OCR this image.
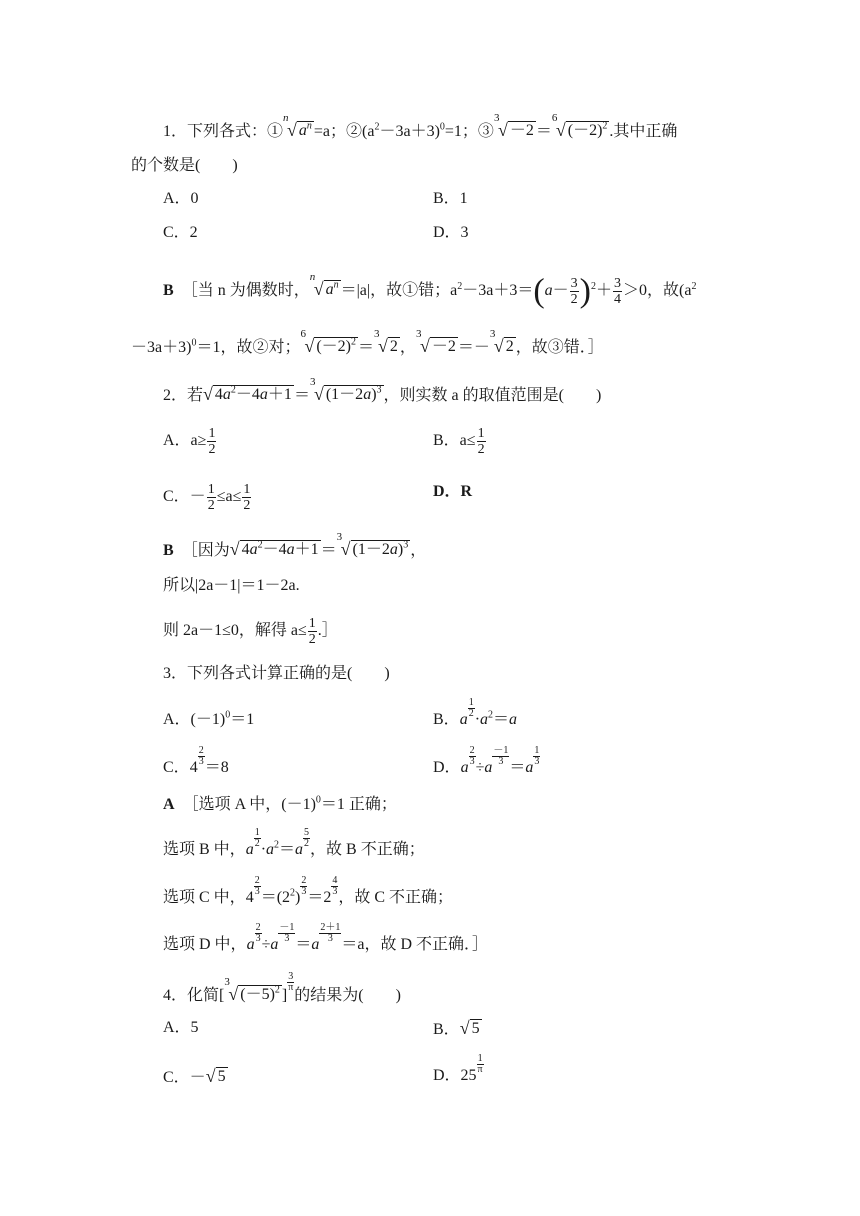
1．下列各式：①
n
√ $a^n =a$；$②(a^2-3a+3)^0=1$；③
3
√ －2 ＝
6
√ $(-2)^2$ .其中正确
的个数是(　　)
A．0	B．1
C．2	D．3
B　 ［当 n 为偶数时，
n
√ $a^n =|a|$，故①错；$a^2-3a+3=(a- \frac{3}{2} )^2+ \frac{3}{4} >0$，故($a^2$
－3a＋3)$^0$＝1，故②对；
6
√ $(-2)^2$ ＝
3
√ 2 ，
3
√ －2 ＝－
3
√ 2 ，故③错．］
2．若 √ $4a^2-4a+1$ ＝
3
√ $(1-2a)^3$ ，则实数 a 的取值范围是(　　)
A．$a\ge \frac{1}{2}$	B．$a\le \frac{1}{2}$
C．－ $\frac{1}{2} \le a\le \frac{1}{2}$	D．R
B　 ［因为 √ $4a^2-4a+1$ ＝
3
√ $(1-2a)^3$ ，
所以|2a－1|＝1－2a.
则 2a－1≤0，解得 $a\le \frac{1}{2}$ .］
3．下列各式计算正确的是(　　)
A．$(-1)^0=1$	B．a
$\frac{1}{2}$
$\cdot a^2=a$
C．4
$\frac{2}{3}$
＝8	D．a
$\frac{2}{3}$
÷a
$\frac{-1}{3}$
＝a
$\frac{1}{3}$
A　 ［选项 A 中，$(-1)^0=1$ 正确；
选项 B 中，a
$\frac{1}{2}$
$\cdot a^2=a$
$\frac{5}{2}$
，故 B 不正确；
选项 C 中，4
$\frac{2}{3}$
$=(2^2)$
$\frac{2}{3}$
＝2
$\frac{4}{3}$
，故 C 不正确；
选项 D 中，a
$\frac{2}{3}$
÷a
$\frac{-1}{3}$
＝a
$\frac{2+1}{3}$
＝a，故 D 不正确．］
4．化简[
3
√ $(-5)^2$ ]
$\frac{3}{\pi}$
的结果为(　　)
A．5	B． √ 5
C．－ √ 5	D．25
$\frac{1}{\pi}$
